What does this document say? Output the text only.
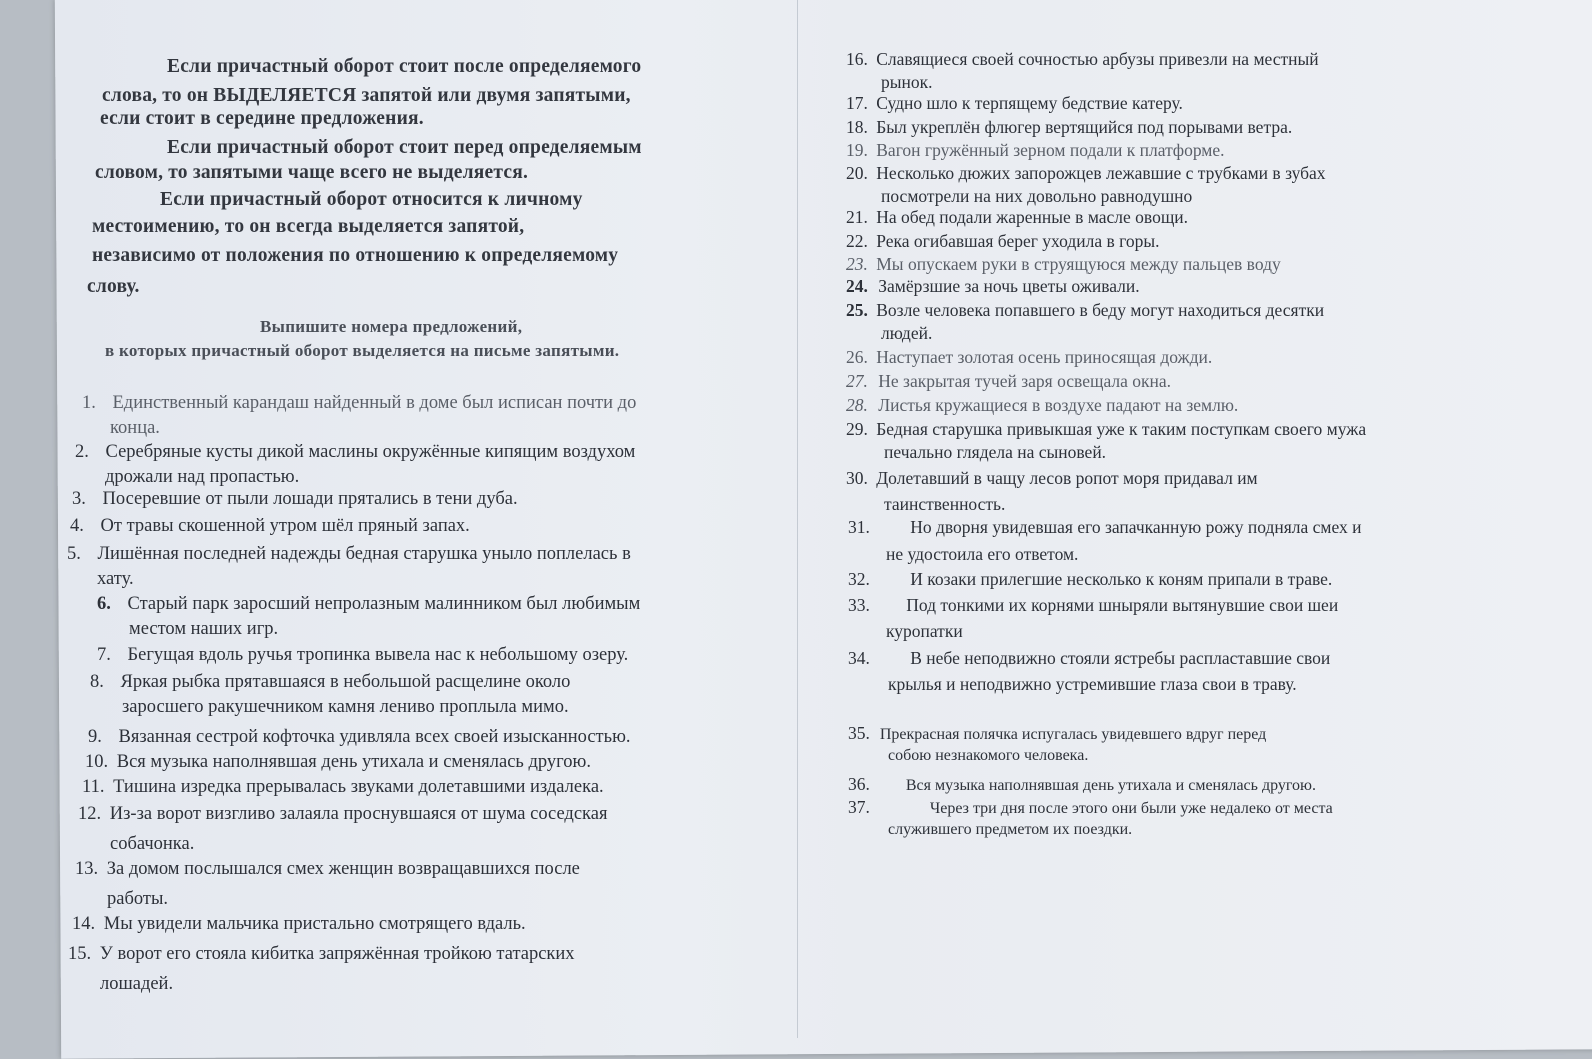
Если причастный оборот стоит после определяемого
слова, то он ВЫДЕЛЯЕТСЯ запятой или двумя запятыми,
если стоит в середине предложения.
Если причастный оборот стоит перед определяемым
словом, то запятыми чаще всего не выделяется.
Если причастный оборот относится к личному
местоимению, то он всегда выделяется запятой,
независимо от положения по отношению к определяемому
слову.
Выпишите номера предложений,
в которых причастный оборот выделяется на письме запятыми.
1. Единственный карандаш найденный в доме был исписан почти до
конца.
2. Серебряные кусты дикой маслины окружённые кипящим воздухом
дрожали над пропастью.
3. Посеревшие от пыли лошади прятались в тени дуба.
4. От травы скошенной утром шёл пряный запах.
5. Лишённая последней надежды бедная старушка уныло поплелась в
хату.
6. Старый парк заросший непролазным малинником был любимым
местом наших игр.
7. Бегущая вдоль ручья тропинка вывела нас к небольшому озеру.
8. Яркая рыбка прятавшаяся в небольшой расщелине около
заросшего ракушечником камня лениво проплыла мимо.
9. Вязанная сестрой кофточка удивляла всех своей изысканностью.
10. Вся музыка наполнявшая день утихала и сменялась другою.
11. Тишина изредка прерывалась звуками долетавшими издалека.
12. Из-за ворот визгливо залаяла проснувшаяся от шума соседская
собачонка.
13. За домом послышался смех женщин возвращавшихся после
работы.
14. Мы увидели мальчика пристально смотрящего вдаль.
15. У ворот его стояла кибитка запряжённая тройкою татарских
лошадей.
16. Славящиеся своей сочностью арбузы привезли на местный
рынок.
17. Судно шло к терпящему бедствие катеру.
18. Был укреплён флюгер вертящийся под порывами ветра.
19. Вагон гружённый зерном подали к платформе.
20. Несколько дюжих запорожцев лежавшие с трубками в зубах
посмотрели на них довольно равнодушно
21. На обед подали жаренные в масле овощи.
22. Река огибавшая берег уходила в горы.
23. Мы опускаем руки в струящуюся между пальцев воду
24. Замёрзшие за ночь цветы оживали.
25. Возле человека попавшего в беду могут находиться десятки
людей.
26. Наступает золотая осень приносящая дожди.
27. Не закрытая тучей заря освещала окна.
28. Листья кружащиеся в воздухе падают на землю.
29. Бедная старушка привыкшая уже к таким поступкам своего мужа
печально глядела на сыновей.
30. Долетавший в чащу лесов ропот моря придавал им
таинственность.
31. Но дворня увидевшая его запачканную рожу подняла смех и
не удостоила его ответом.
32. И козаки прилегшие несколько к коням припали в траве.
33. Под тонкими их корнями шныряли вытянувшие свои шеи
куропатки
34. В небе неподвижно стояли ястребы распластавшие свои
крылья и неподвижно устремившие глаза свои в траву.
35. Прекрасная полячка испугалась увидевшего вдруг перед
собою незнакомого человека.
36. Вся музыка наполнявшая день утихала и сменялась другою.
37.	Через три дня после этого они были уже недалеко от места
служившего предметом их поездки.
